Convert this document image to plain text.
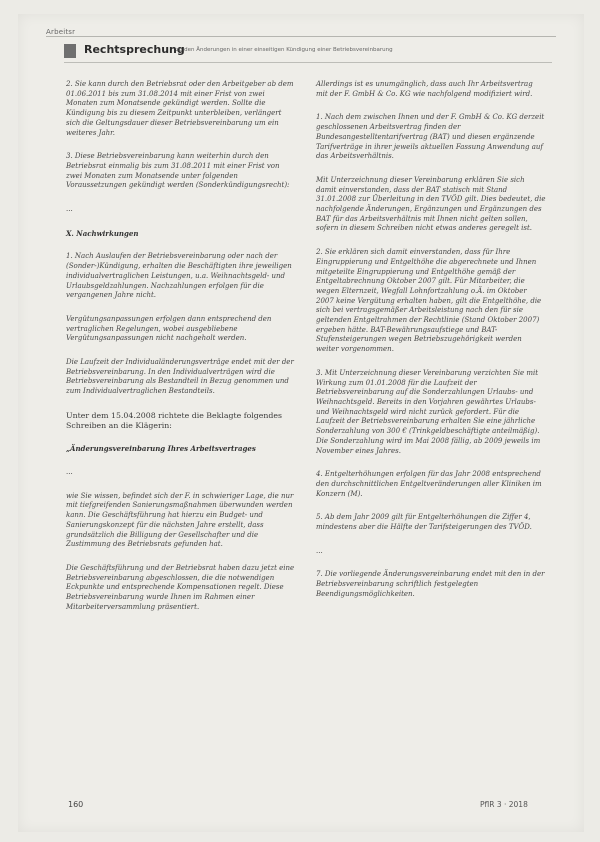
Arbeitsr
Rechtsprechung
zu den Änderungen in einer einseitigen Kündigung einer Betriebsvereinbarung

2. Sie kann durch den Betriebsrat oder den Arbeitgeber ab dem 01.06.2011 bis zum 31.08.2014 mit einer Frist von zwei Monaten zum Monatsende gekündigt werden. Sollte die Kündigung bis zu diesem Zeitpunkt unterbleiben, verlängert sich die Geltungsdauer dieser Betriebsvereinbarung um ein weiteres Jahr.

3. Diese Betriebsvereinbarung kann weiterhin durch den Betriebsrat einmalig bis zum 31.08.2011 mit einer Frist von zwei Monaten zum Monatsende unter folgenden Voraussetzungen gekündigt werden (Sonderkündigungsrecht):

...

X. Nachwirkungen

1. Nach Auslaufen der Betriebsvereinbarung oder nach der (Sonder-)Kündigung, erhalten die Beschäftigten ihre jeweiligen individualvertraglichen Leistungen, u.a. Weihnachtsgeld- und Urlaubsgeldzahlungen. Nachzahlungen erfolgen für die vergangenen Jahre nicht.

Vergütungsanpassungen erfolgen dann entsprechend den vertraglichen Regelungen, wobei ausgebliebene Vergütungsanpassungen nicht nachgeholt werden.

Die Laufzeit der Individualänderungsverträge endet mit der der Betriebsvereinbarung. In den Individualverträgen wird die Betriebsvereinbarung als Bestandteil in Bezug genommen und zum Individualvertraglichen Bestandteils.

Unter dem 15.04.2008 richtete die Beklagte folgendes Schreiben an die Klägerin:

„Änderungsvereinbarung Ihres Arbeitsvertrages

...

wie Sie wissen, befindet sich der F. in schwieriger Lage, die nur mit tiefgreifenden Sanierungsmaßnahmen überwunden werden kann. Die Geschäftsführung hat hierzu ein Budget- und Sanierungskonzept für die nächsten Jahre erstellt, dass grundsätzlich die Billigung der Gesellschafter und die Zustimmung des Betriebsrats gefunden hat.

Die Geschäftsführung und der Betriebsrat haben dazu jetzt eine Betriebsvereinbarung abgeschlossen, die die notwendigen Eckpunkte und entsprechende Kompensationen regelt. Diese Betriebsvereinbarung wurde Ihnen im Rahmen einer Mitarbeiterversammlung präsentiert.

Allerdings ist es unumgänglich, dass auch Ihr Arbeitsvertrag mit der F. GmbH & Co. KG wie nachfolgend modifiziert wird.

1. Nach dem zwischen Ihnen und der F. GmbH & Co. KG derzeit geschlossenen Arbeitsvertrag finden der Bundesangestelltentarifvertrag (BAT) und diesen ergänzende Tarifverträge in ihrer jeweils aktuellen Fassung Anwendung auf das Arbeitsverhältnis.

Mit Unterzeichnung dieser Vereinbarung erklären Sie sich damit einverstanden, dass der BAT statisch mit Stand 31.01.2008 zur Überleitung in den TVÖD gilt. Dies bedeutet, die nachfolgende Änderungen, Ergänzungen und Ergänzungen des BAT für das Arbeitsverhältnis mit Ihnen nicht gelten sollen, sofern in diesem Schreiben nicht etwas anderes geregelt ist.

2. Sie erklären sich damit einverstanden, dass für Ihre Eingruppierung und Entgelthöhe die abgerechnete und Ihnen mitgeteilte Eingruppierung und Entgelthöhe gemäß der Entgeltabrechnung Oktober 2007 gilt. Für Mitarbeiter, die wegen Elternzeit, Wegfall Lohnfortzahlung o.Ä. im Oktober 2007 keine Vergütung erhalten haben, gilt die Entgelthöhe, die sich bei vertragsgemäßer Arbeitsleistung nach den für sie geltenden Entgeltrahmen der Rechtlinie (Stand Oktober 2007) ergeben hätte. BAT-Bewährungsaufstiege und BAT-Stufensteigerungen wegen Betriebszugehörigkeit werden weiter vorgenommen.

3. Mit Unterzeichnung dieser Vereinbarung verzichten Sie mit Wirkung zum 01.01.2008 für die Laufzeit der Betriebsvereinbarung auf die Sonderzahlungen Urlaubs- und Weihnachtsgeld. Bereits in den Vorjahren gewährtes Urlaubs- und Weihnachtsgeld wird nicht zurück gefordert. Für die Laufzeit der Betriebsvereinbarung erhalten Sie eine jährliche Sonderzahlung von 300 € (Trinkgeldbeschäftigte anteilmäßig). Die Sonderzahlung wird im Mai 2008 fällig, ab 2009 jeweils im November eines Jahres.

4. Entgelterhöhungen erfolgen für das Jahr 2008 entsprechend den durchschnittlichen Entgeltveränderungen aller Kliniken im Konzern (M).

5. Ab dem Jahr 2009 gilt für Entgelterhöhungen die Ziffer 4, mindestens aber die Hälfte der Tarifsteigerungen des TVÖD.

...

7. Die vorliegende Änderungsvereinbarung endet mit den in der Betriebsvereinbarung schriftlich festgelegten Beendigungsmöglichkeiten.

160	PflR 3 · 2018
